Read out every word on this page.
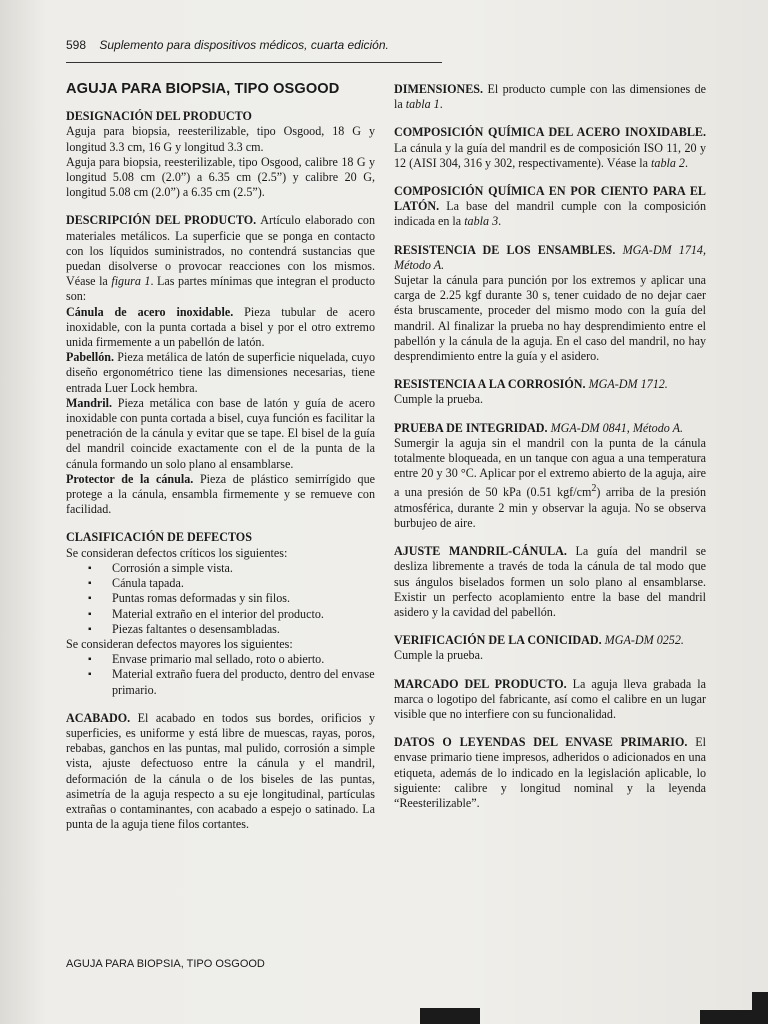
598 Suplemento para dispositivos médicos, cuarta edición.
AGUJA PARA BIOPSIA, TIPO OSGOOD
DESIGNACIÓN DEL PRODUCTO

Aguja para biopsia, reesterilizable, tipo Osgood, 18 G y longitud 3.3 cm, 16 G y longitud 3.3 cm.

Aguja para biopsia, reesterilizable, tipo Osgood, calibre 18 G y longitud 5.08 cm (2.0”) a 6.35 cm (2.5”) y calibre 20 G, longitud 5.08 cm (2.0”) a 6.35 cm (2.5”).

DESCRIPCIÓN DEL PRODUCTO. Artículo elaborado con materiales metálicos. La superficie que se ponga en contacto con los líquidos suministrados, no contendrá sustancias que puedan disolverse o provocar reacciones con los mismos. Véase la figura 1. Las partes mínimas que integran el producto son:

Cánula de acero inoxidable. Pieza tubular de acero inoxidable, con la punta cortada a bisel y por el otro extremo unida firmemente a un pabellón de latón.

Pabellón. Pieza metálica de latón de superficie niquelada, cuyo diseño ergonométrico tiene las dimensiones necesarias, tiene entrada Luer Lock hembra.

Mandril. Pieza metálica con base de latón y guía de acero inoxidable con punta cortada a bisel, cuya función es facilitar la penetración de la cánula y evitar que se tape. El bisel de la guía del mandril coincide exactamente con el de la punta de la cánula formando un solo plano al ensamblarse.

Protector de la cánula. Pieza de plástico semirrígido que protege a la cánula, ensambla firmemente y se remueve con facilidad.

CLASIFICACIÓN DE DEFECTOS

Se consideran defectos críticos los siguientes:

▪ Corrosión a simple vista.
▪ Cánula tapada.
▪ Puntas romas deformadas y sin filos.
▪ Material extraño en el interior del producto.
▪ Piezas faltantes o desensambladas.

Se consideran defectos mayores los siguientes:

▪ Envase primario mal sellado, roto o abierto.
▪ Material extraño fuera del producto, dentro del envase primario.

ACABADO. El acabado en todos sus bordes, orificios y superficies, es uniforme y está libre de muescas, rayas, poros, rebabas, ganchos en las puntas, mal pulido, corrosión a simple vista, ajuste defectuoso entre la cánula y el mandril, deformación de la cánula o de los biseles de las puntas, asimetría de la aguja respecto a su eje longitudinal, partículas extrañas o contaminantes, con acabado a espejo o satinado. La punta de la aguja tiene filos cortantes.

DIMENSIONES. El producto cumple con las dimensiones de la tabla 1.

COMPOSICIÓN QUÍMICA DEL ACERO INOXIDABLE. La cánula y la guía del mandril es de composición ISO 11, 20 y 12 (AISI 304, 316 y 302, respectivamente). Véase la tabla 2.

COMPOSICIÓN QUÍMICA EN POR CIENTO PARA EL LATÓN. La base del mandril cumple con la composición indicada en la tabla 3.

RESISTENCIA DE LOS ENSAMBLES. MGA-DM 1714, Método A.

Sujetar la cánula para punción por los extremos y aplicar una carga de 2.25 kgf durante 30 s, tener cuidado de no dejar caer ésta bruscamente, proceder del mismo modo con la guía del mandril. Al finalizar la prueba no hay desprendimiento entre el pabellón y la cánula de la aguja. En el caso del mandril, no hay desprendimiento entre la guía y el asidero.

RESISTENCIA A LA CORROSIÓN. MGA-DM 1712.

Cumple la prueba.

PRUEBA DE INTEGRIDAD. MGA-DM 0841, Método A.

Sumergir la aguja sin el mandril con la punta de la cánula totalmente bloqueada, en un tanque con agua a una temperatura entre 20 y 30 °C. Aplicar por el extremo abierto de la aguja, aire a una presión de 50 kPa (0.51 kgf/$cm^2$) arriba de la presión atmosférica, durante 2 min y observar la aguja. No se observa burbujeo de aire.

AJUSTE MANDRIL-CÁNULA. La guía del mandril se desliza libremente a través de toda la cánula de tal modo que sus ángulos biselados formen un solo plano al ensamblarse. Existir un perfecto acoplamiento entre la base del mandril asidero y la cavidad del pabellón.

VERIFICACIÓN DE LA CONICIDAD. MGA-DM 0252.

Cumple la prueba.

MARCADO DEL PRODUCTO. La aguja lleva grabada la marca o logotipo del fabricante, así como el calibre en un lugar visible que no interfiere con su funcionalidad.

DATOS O LEYENDAS DEL ENVASE PRIMARIO. El envase primario tiene impresos, adheridos o adicionados en una etiqueta, además de lo indicado en la legislación aplicable, lo siguiente: calibre y longitud nominal y la leyenda “Reesterilizable”.

AGUJA PARA BIOPSIA, TIPO OSGOOD
